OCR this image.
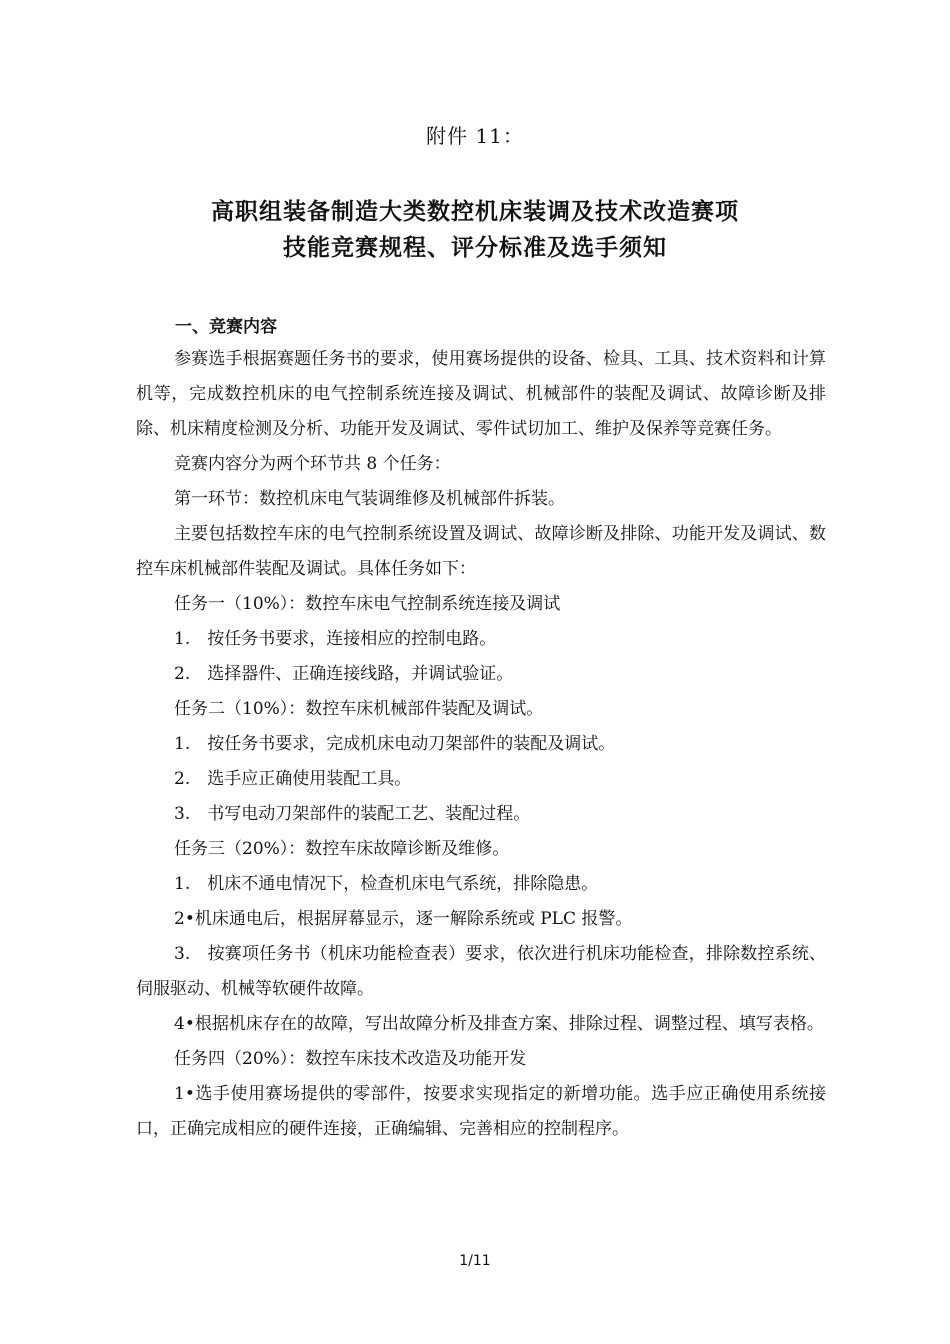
附件 11：
高职组装备制造大类数控机床装调及技术改造赛项
技能竞赛规程、评分标准及选手须知
一、竞赛内容

参赛选手根据赛题任务书的要求，使用赛场提供的设备、检具、工具、技术资料和计算机等，完成数控机床的电气控制系统连接及调试、机械部件的装配及调试、故障诊断及排除、机床精度检测及分析、功能开发及调试、零件试切加工、维护及保养等竞赛任务。

竞赛内容分为两个环节共 8 个任务：

第一环节：数控机床电气装调维修及机械部件拆装。

主要包括数控车床的电气控制系统设置及调试、故障诊断及排除、功能开发及调试、数控车床机械部件装配及调试。具体任务如下：

任务一（10%）：数控车床电气控制系统连接及调试

1.　按任务书要求，连接相应的控制电路。

2.　选择器件、正确连接线路，并调试验证。

任务二（10%）：数控车床机械部件装配及调试。

1.　按任务书要求，完成机床电动刀架部件的装配及调试。

2.　选手应正确使用装配工具。

3.　书写电动刀架部件的装配工艺、装配过程。

任务三（20%）：数控车床故障诊断及维修。

1.　机床不通电情况下，检查机床电气系统，排除隐患。

2•机床通电后，根据屏幕显示，逐一解除系统或 PLC 报警。

3.　按赛项任务书（机床功能检查表）要求，依次进行机床功能检查，排除数控系统、伺服驱动、机械等软硬件故障。

4•根据机床存在的故障，写出故障分析及排查方案、排除过程、调整过程、填写表格。

任务四（20%）：数控车床技术改造及功能开发

1•选手使用赛场提供的零部件，按要求实现指定的新增功能。选手应正确使用系统接口，正确完成相应的硬件连接，正确编辑、完善相应的控制程序。

1/11
